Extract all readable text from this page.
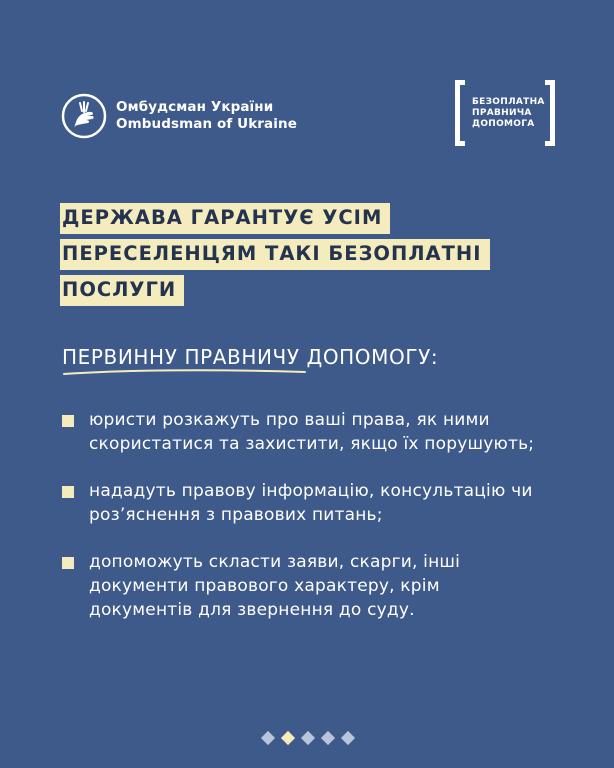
Омбудсман України
Ombudsman of Ukraine
БЕЗОПЛАТНА
ПРАВНИЧА
ДОПОМОГА
ДЕРЖАВА ГАРАНТУЄ УСІМ
ПЕРЕСЕЛЕНЦЯМ ТАКІ БЕЗОПЛАТНІ
ПОСЛУГИ
ПЕРВИННУ ПРАВНИЧУ ДОПОМОГУ:
юристи розкажуть про ваші права, як ними скористатися та захистити, якщо їх порушують;
нададуть правову інформацію, консультацію чи роз’яснення з правових питань;
допоможуть скласти заяви, скарги, інші документи правового характеру, крім документів для звернення до суду.
